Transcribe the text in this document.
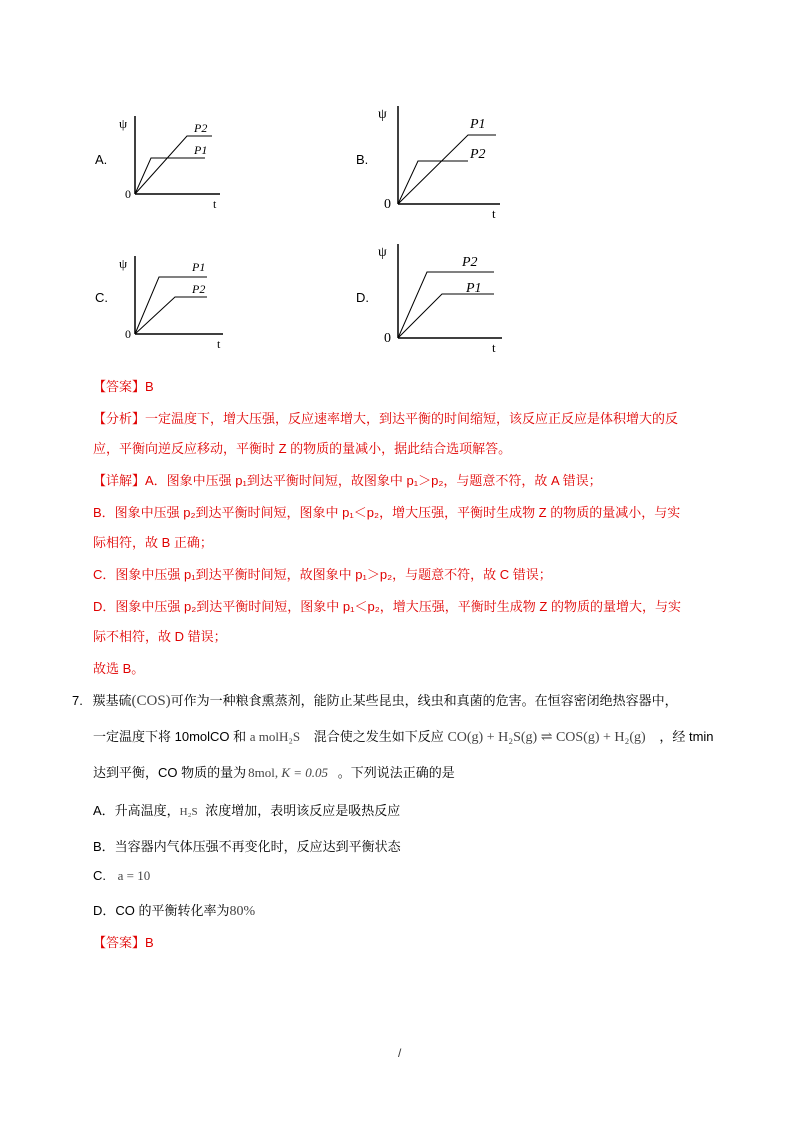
A.
ψ
t
0
P2
P1
B.
ψ
t
0
P1
P2
C.
ψ
t
0
P1
P2
D.
ψ
t
0
P2
P1
【答案】B
【分析】一定温度下，增大压强，反应速率增大，到达平衡的时间缩短，该反应正反应是体积增大的反
应，平衡向逆反应移动，平衡时 Z 的物质的量减小，据此结合选项解答。
【详解】A．图象中压强 p₁到达平衡时间短，故图象中 p₁＞p₂，与题意不符，故 A 错误；
B．图象中压强 p₂到达平衡时间短，图象中 p₁＜p₂，增大压强，平衡时生成物 Z 的物质的量减小，与实
际相符，故 B 正确；
C．图象中压强 p₁到达平衡时间短，故图象中 p₁＞p₂，与题意不符，故 C 错误；
D．图象中压强 p₂到达平衡时间短，图象中 p₁＜p₂，增大压强，平衡时生成物 Z 的物质的量增大，与实
际不相符，故 D 错误；
故选 B。
7. 羰基硫(COS)可作为一种粮食熏蒸剂，能防止某些昆虫，线虫和真菌的危害。在恒容密闭绝热容器中，
一定温度下将 10molCO 和 a molH₂S 混合使之发生如下反应 CO(g) + H₂S(g) ⇌ COS(g) + H₂(g) ，经 tmin
达到平衡，CO 物质的量为 8mol, K = 0.05 。下列说法正确的是
A．升高温度，H₂S 浓度增加，表明该反应是吸热反应
B．当容器内气体压强不再变化时，反应达到平衡状态
C. a = 10
D．CO 的平衡转化率为80%
【答案】B
/
